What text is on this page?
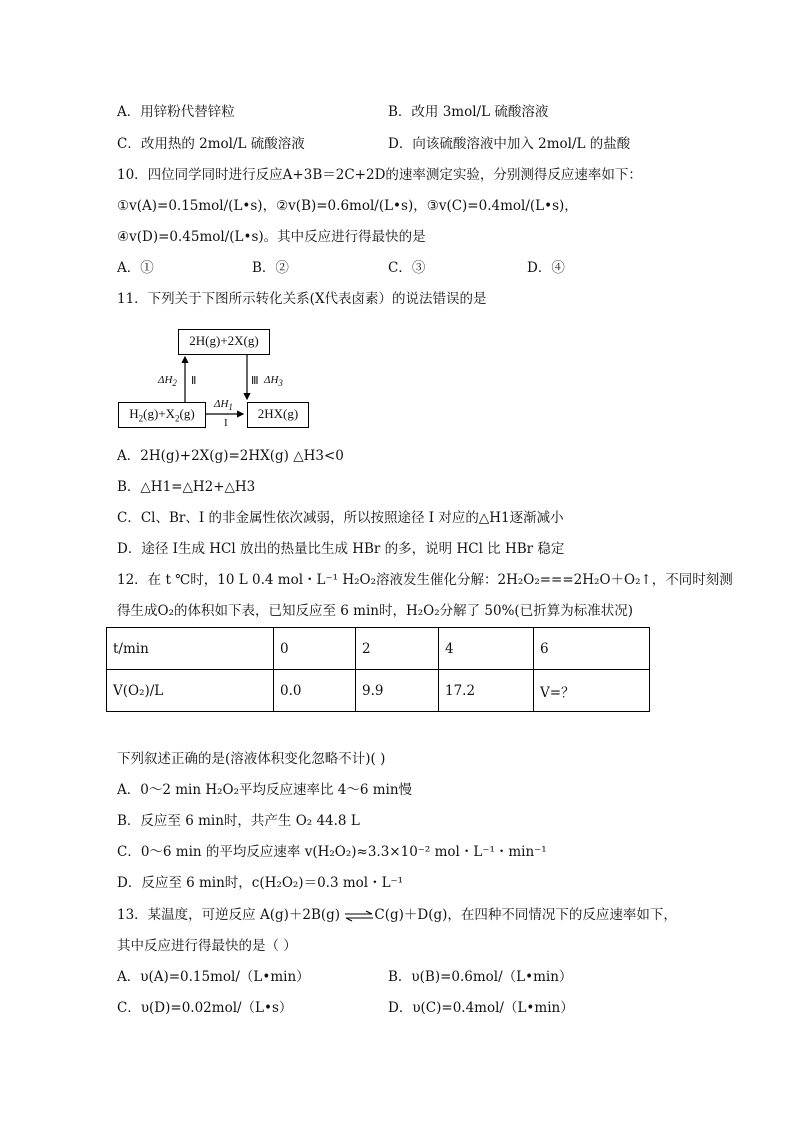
A．用锌粉代替锌粒	B．改用 3mol/L 硫酸溶液
C．改用热的 2mol/L 硫酸溶液	D．向该硫酸溶液中加入 2mol/L 的盐酸
10．四位同学同时进行反应A+3B＝2C+2D的速率测定实验，分别测得反应速率如下：
①v(A)=0.15mol/(L•s)，②v(B)=0.6mol/(L•s)，③v(C)=0.4mol/(L•s)，
④v(D)=0.45mol/(L•s)。其中反应进行得最快的是
A．①	B．②	C．③	D．④
11．下列关于下图所示转化关系(X代表卤素）的说法错误的是
2H(g)+2X(g)
$H_2(g)+X_2(g)$	2HX(g)
$\Delta H_2$ Ⅱ	Ⅲ $\Delta H_3$
$\Delta H_1$
I
A．2H(g)+2X(g)=2HX(g) △H3<0
B．△H1=△H2+△H3
C．Cl、Br、I 的非金属性依次减弱，所以按照途径 I 对应的△H1逐渐减小
D．途径 I生成 HCl 放出的热量比生成 HBr 的多，说明 HCl 比 HBr 稳定
12．在 t ℃时，10 L 0.4 mol・L⁻¹ H₂O₂溶液发生催化分解：2H₂O₂===2H₂O＋O₂↑，不同时刻测
得生成O₂的体积如下表，已知反应至 6 min时，H₂O₂分解了 50%(已折算为标准状况)
t/min	0	2	4	6
V(O₂)/L	0.0	9.9	17.2	V=？
下列叙述正确的是(溶液体积变化忽略不计)( )
A．0～2 min H₂O₂平均反应速率比 4～6 min慢
B．反应至 6 min时，共产生 O₂ 44.8 L
C．0～6 min 的平均反应速率 v(H₂O₂)≈3.3×10⁻² mol・L⁻¹・min⁻¹
D．反应至 6 min时，c(H₂O₂)＝0.3 mol・L⁻¹
13．某温度，可逆反应 A(g)＋2B(g) ⇌C(g)＋D(g)，在四种不同情况下的反应速率如下，
其中反应进行得最快的是（ ）
A．υ(A)=0.15mol/（L•min）	B．υ(B)=0.6mol/（L•min）
C．υ(D)=0.02mol/（L•s）	D．υ(C)=0.4mol/（L•min）
